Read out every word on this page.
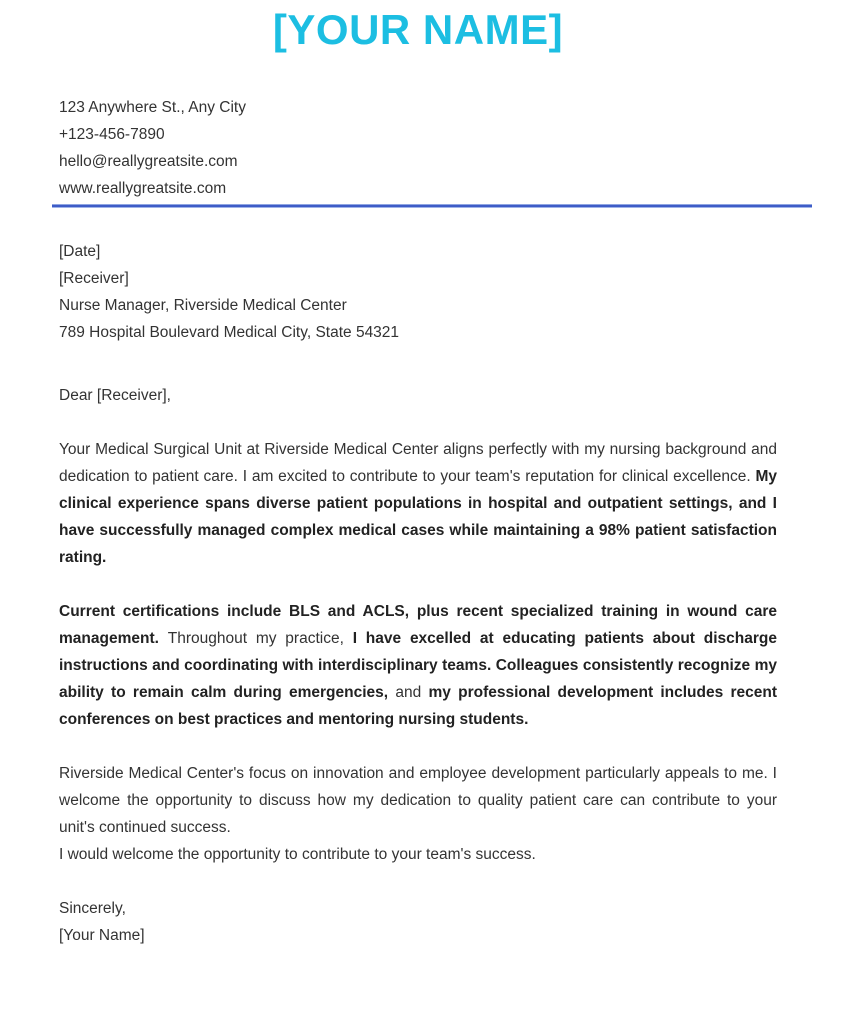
[YOUR NAME]
123 Anywhere St., Any City
+123-456-7890
hello@reallygreatsite.com
www.reallygreatsite.com
[Date]
[Receiver]
Nurse Manager, Riverside Medical Center
789 Hospital Boulevard Medical City, State 54321
Dear [Receiver],

Your Medical Surgical Unit at Riverside Medical Center aligns perfectly with my nursing background and dedication to patient care. I am excited to contribute to your team's reputation for clinical excellence. My clinical experience spans diverse patient populations in hospital and outpatient settings, and I have successfully managed complex medical cases while maintaining a 98% patient satisfaction rating.

Current certifications include BLS and ACLS, plus recent specialized training in wound care management. Throughout my practice, I have excelled at educating patients about discharge instructions and coordinating with interdisciplinary teams. Colleagues consistently recognize my ability to remain calm during emergencies, and my professional development includes recent conferences on best practices and mentoring nursing students.

Riverside Medical Center's focus on innovation and employee development particularly appeals to me. I welcome the opportunity to discuss how my dedication to quality patient care can contribute to your unit's continued success.
I would welcome the opportunity to contribute to your team's success.

Sincerely,
[Your Name]
